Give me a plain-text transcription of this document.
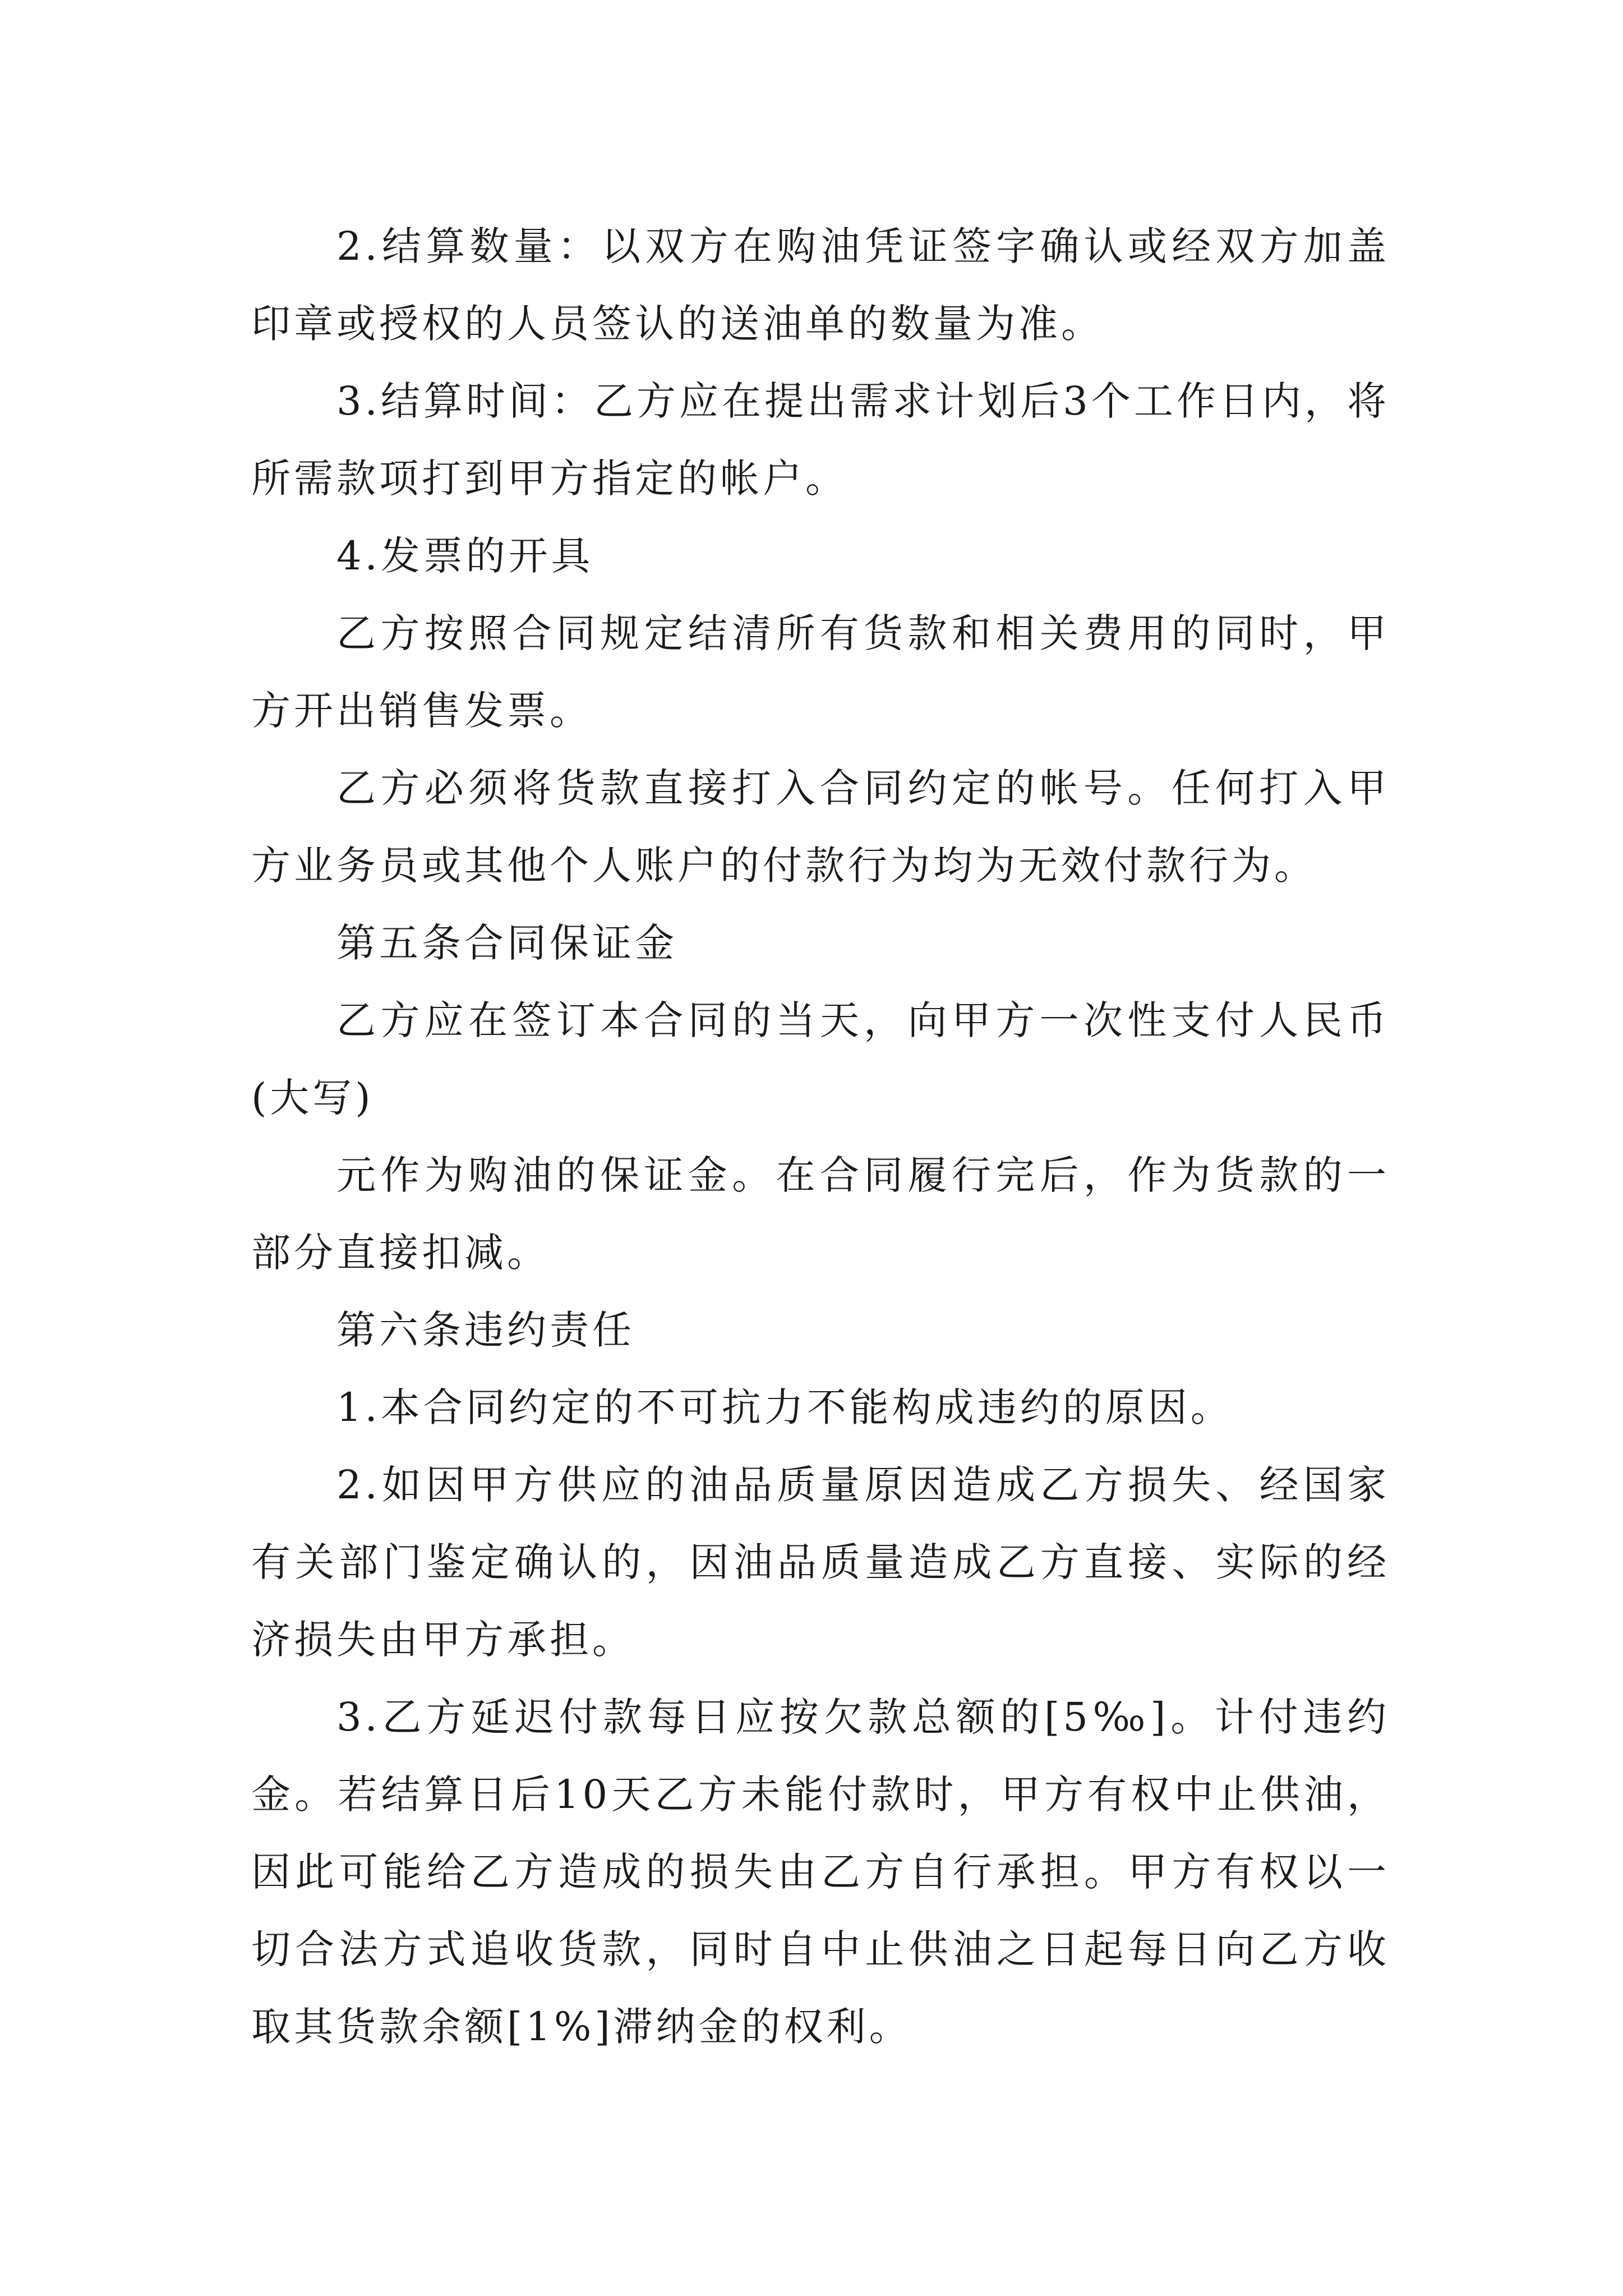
2.结算数量：以双方在购油凭证签字确认或经双方加盖印章或授权的人员签认的送油单的数量为准。

3.结算时间：乙方应在提出需求计划后3个工作日内，将所需款项打到甲方指定的帐户。

4.发票的开具

乙方按照合同规定结清所有货款和相关费用的同时，甲方开出销售发票。

乙方必须将货款直接打入合同约定的帐号。任何打入甲方业务员或其他个人账户的付款行为均为无效付款行为。

第五条合同保证金

乙方应在签订本合同的当天，向甲方一次性支付人民币(大写)

元作为购油的保证金。在合同履行完后，作为货款的一部分直接扣减。

第六条违约责任

1.本合同约定的不可抗力不能构成违约的原因。

2.如因甲方供应的油品质量原因造成乙方损失、经国家有关部门鉴定确认的，因油品质量造成乙方直接、实际的经济损失由甲方承担。

3.乙方延迟付款每日应按欠款总额的[5‰]。计付违约金。若结算日后10天乙方未能付款时，甲方有权中止供油，因此可能给乙方造成的损失由乙方自行承担。甲方有权以一切合法方式追收货款，同时自中止供油之日起每日向乙方收取其货款余额[1%]滞纳金的权利。
